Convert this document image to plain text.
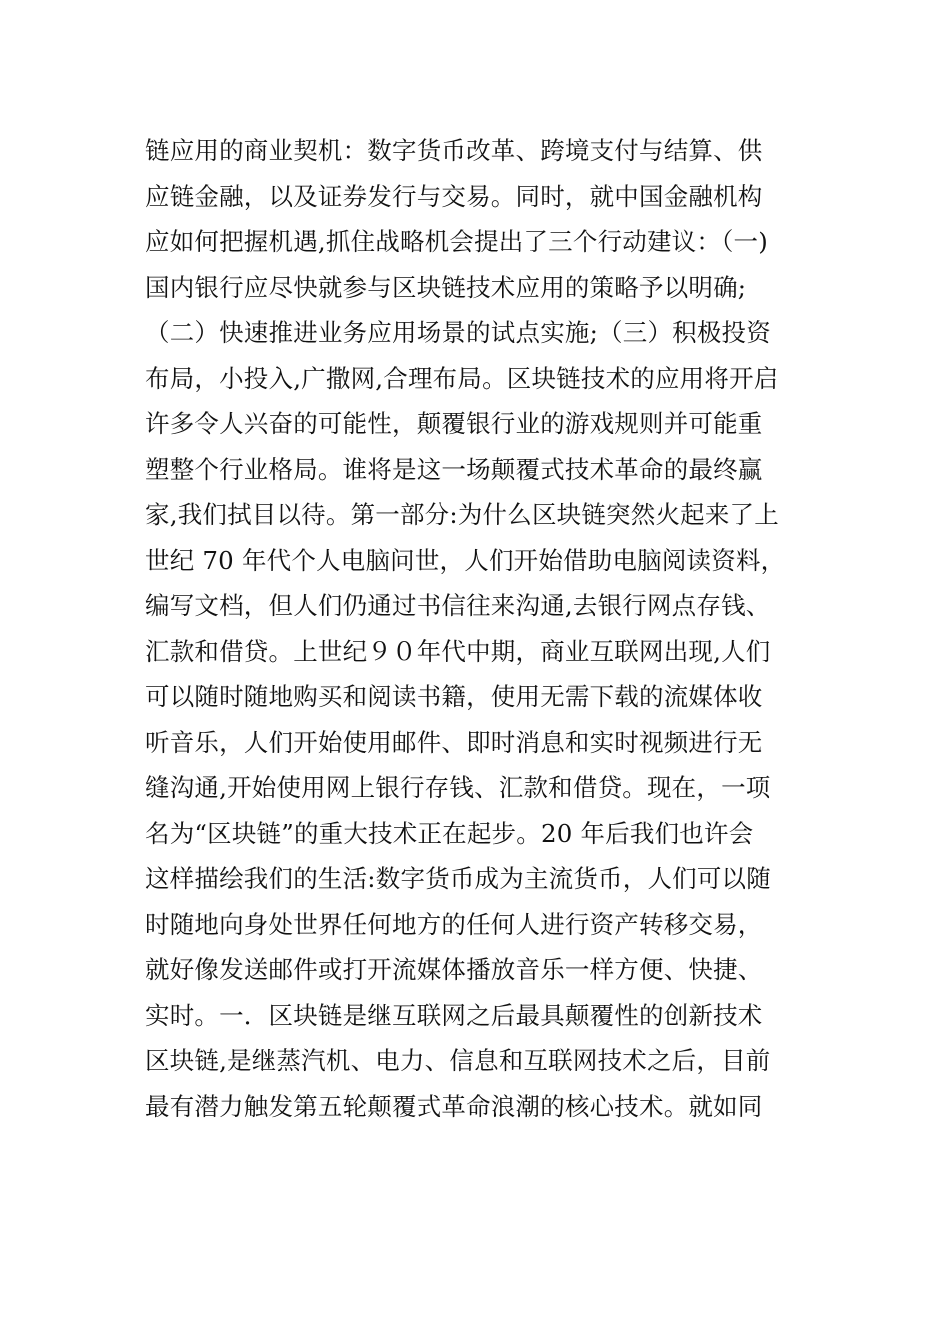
链应用的商业契机：数字货币改革、跨境支付与结算、供
应链金融，以及证券发行与交易。同时，就中国金融机构
应如何把握机遇,抓住战略机会提出了三个行动建议：（一)
国内银行应尽快就参与区块链技术应用的策略予以明确;
（二）快速推进业务应用场景的试点实施;（三）积极投资
布局，小投入,广撒网,合理布局。区块链技术的应用将开启
许多令人兴奋的可能性，颠覆银行业的游戏规则并可能重
塑整个行业格局。谁将是这一场颠覆式技术革命的最终赢
家,我们拭目以待。第一部分:为什么区块链突然火起来了上
世纪 70 年代个人电脑问世，人们开始借助电脑阅读资料，
编写文档，但人们仍通过书信往来沟通,去银行网点存钱、
汇款和借贷。上世纪９０年代中期，商业互联网出现,人们
可以随时随地购买和阅读书籍，使用无需下载的流媒体收
听音乐，人们开始使用邮件、即时消息和实时视频进行无
缝沟通,开始使用网上银行存钱、汇款和借贷。现在，一项
名为“区块链”的重大技术正在起步。20 年后我们也许会
这样描绘我们的生活:数字货币成为主流货币，人们可以随
时随地向身处世界任何地方的任何人进行资产转移交易，
就好像发送邮件或打开流媒体播放音乐一样方便、快捷、
实时。一．区块链是继互联网之后最具颠覆性的创新技术
区块链,是继蒸汽机、电力、信息和互联网技术之后，目前
最有潜力触发第五轮颠覆式革命浪潮的核心技术。就如同
